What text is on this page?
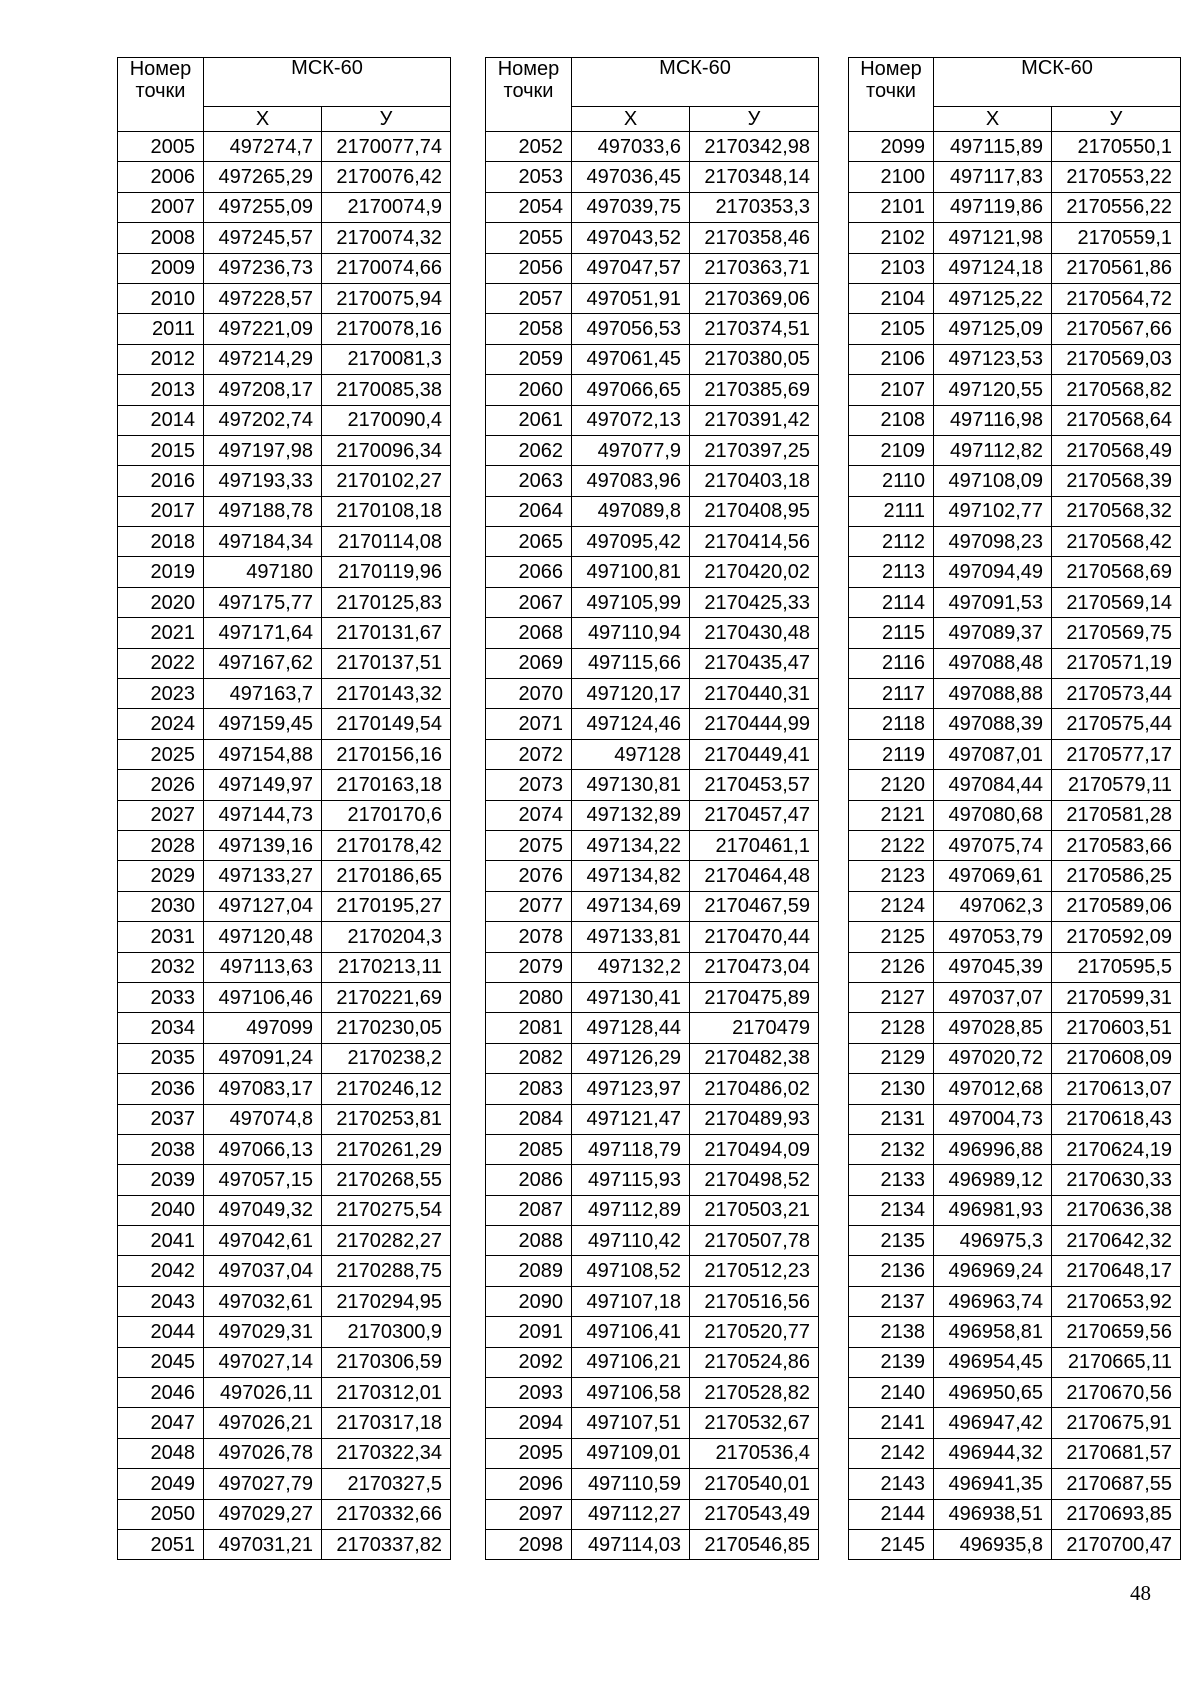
Номер точки	МСК-60	
	Х	У
2005	497274,7	2170077,74
2006	497265,29	2170076,42
2007	497255,09	2170074,9
2008	497245,57	2170074,32
2009	497236,73	2170074,66
2010	497228,57	2170075,94
2011	497221,09	2170078,16
2012	497214,29	2170081,3
2013	497208,17	2170085,38
2014	497202,74	2170090,4
2015	497197,98	2170096,34
2016	497193,33	2170102,27
2017	497188,78	2170108,18
2018	497184,34	2170114,08
2019	497180	2170119,96
2020	497175,77	2170125,83
2021	497171,64	2170131,67
2022	497167,62	2170137,51
2023	497163,7	2170143,32
2024	497159,45	2170149,54
2025	497154,88	2170156,16
2026	497149,97	2170163,18
2027	497144,73	2170170,6
2028	497139,16	2170178,42
2029	497133,27	2170186,65
2030	497127,04	2170195,27
2031	497120,48	2170204,3
2032	497113,63	2170213,11
2033	497106,46	2170221,69
2034	497099	2170230,05
2035	497091,24	2170238,2
2036	497083,17	2170246,12
2037	497074,8	2170253,81
2038	497066,13	2170261,29
2039	497057,15	2170268,55
2040	497049,32	2170275,54
2041	497042,61	2170282,27
2042	497037,04	2170288,75
2043	497032,61	2170294,95
2044	497029,31	2170300,9
2045	497027,14	2170306,59
2046	497026,11	2170312,01
2047	497026,21	2170317,18
2048	497026,78	2170322,34
2049	497027,79	2170327,5
2050	497029,27	2170332,66
2051	497031,21	2170337,82
Номер точки	МСК-60	
	Х	У
2052	497033,6	2170342,98
2053	497036,45	2170348,14
2054	497039,75	2170353,3
2055	497043,52	2170358,46
2056	497047,57	2170363,71
2057	497051,91	2170369,06
2058	497056,53	2170374,51
2059	497061,45	2170380,05
2060	497066,65	2170385,69
2061	497072,13	2170391,42
2062	497077,9	2170397,25
2063	497083,96	2170403,18
2064	497089,8	2170408,95
2065	497095,42	2170414,56
2066	497100,81	2170420,02
2067	497105,99	2170425,33
2068	497110,94	2170430,48
2069	497115,66	2170435,47
2070	497120,17	2170440,31
2071	497124,46	2170444,99
2072	497128	2170449,41
2073	497130,81	2170453,57
2074	497132,89	2170457,47
2075	497134,22	2170461,1
2076	497134,82	2170464,48
2077	497134,69	2170467,59
2078	497133,81	2170470,44
2079	497132,2	2170473,04
2080	497130,41	2170475,89
2081	497128,44	2170479
2082	497126,29	2170482,38
2083	497123,97	2170486,02
2084	497121,47	2170489,93
2085	497118,79	2170494,09
2086	497115,93	2170498,52
2087	497112,89	2170503,21
2088	497110,42	2170507,78
2089	497108,52	2170512,23
2090	497107,18	2170516,56
2091	497106,41	2170520,77
2092	497106,21	2170524,86
2093	497106,58	2170528,82
2094	497107,51	2170532,67
2095	497109,01	2170536,4
2096	497110,59	2170540,01
2097	497112,27	2170543,49
2098	497114,03	2170546,85
Номер точки	МСК-60	
	Х	У
2099	497115,89	2170550,1
2100	497117,83	2170553,22
2101	497119,86	2170556,22
2102	497121,98	2170559,1
2103	497124,18	2170561,86
2104	497125,22	2170564,72
2105	497125,09	2170567,66
2106	497123,53	2170569,03
2107	497120,55	2170568,82
2108	497116,98	2170568,64
2109	497112,82	2170568,49
2110	497108,09	2170568,39
2111	497102,77	2170568,32
2112	497098,23	2170568,42
2113	497094,49	2170568,69
2114	497091,53	2170569,14
2115	497089,37	2170569,75
2116	497088,48	2170571,19
2117	497088,88	2170573,44
2118	497088,39	2170575,44
2119	497087,01	2170577,17
2120	497084,44	2170579,11
2121	497080,68	2170581,28
2122	497075,74	2170583,66
2123	497069,61	2170586,25
2124	497062,3	2170589,06
2125	497053,79	2170592,09
2126	497045,39	2170595,5
2127	497037,07	2170599,31
2128	497028,85	2170603,51
2129	497020,72	2170608,09
2130	497012,68	2170613,07
2131	497004,73	2170618,43
2132	496996,88	2170624,19
2133	496989,12	2170630,33
2134	496981,93	2170636,38
2135	496975,3	2170642,32
2136	496969,24	2170648,17
2137	496963,74	2170653,92
2138	496958,81	2170659,56
2139	496954,45	2170665,11
2140	496950,65	2170670,56
2141	496947,42	2170675,91
2142	496944,32	2170681,57
2143	496941,35	2170687,55
2144	496938,51	2170693,85
2145	496935,8	2170700,47
48
